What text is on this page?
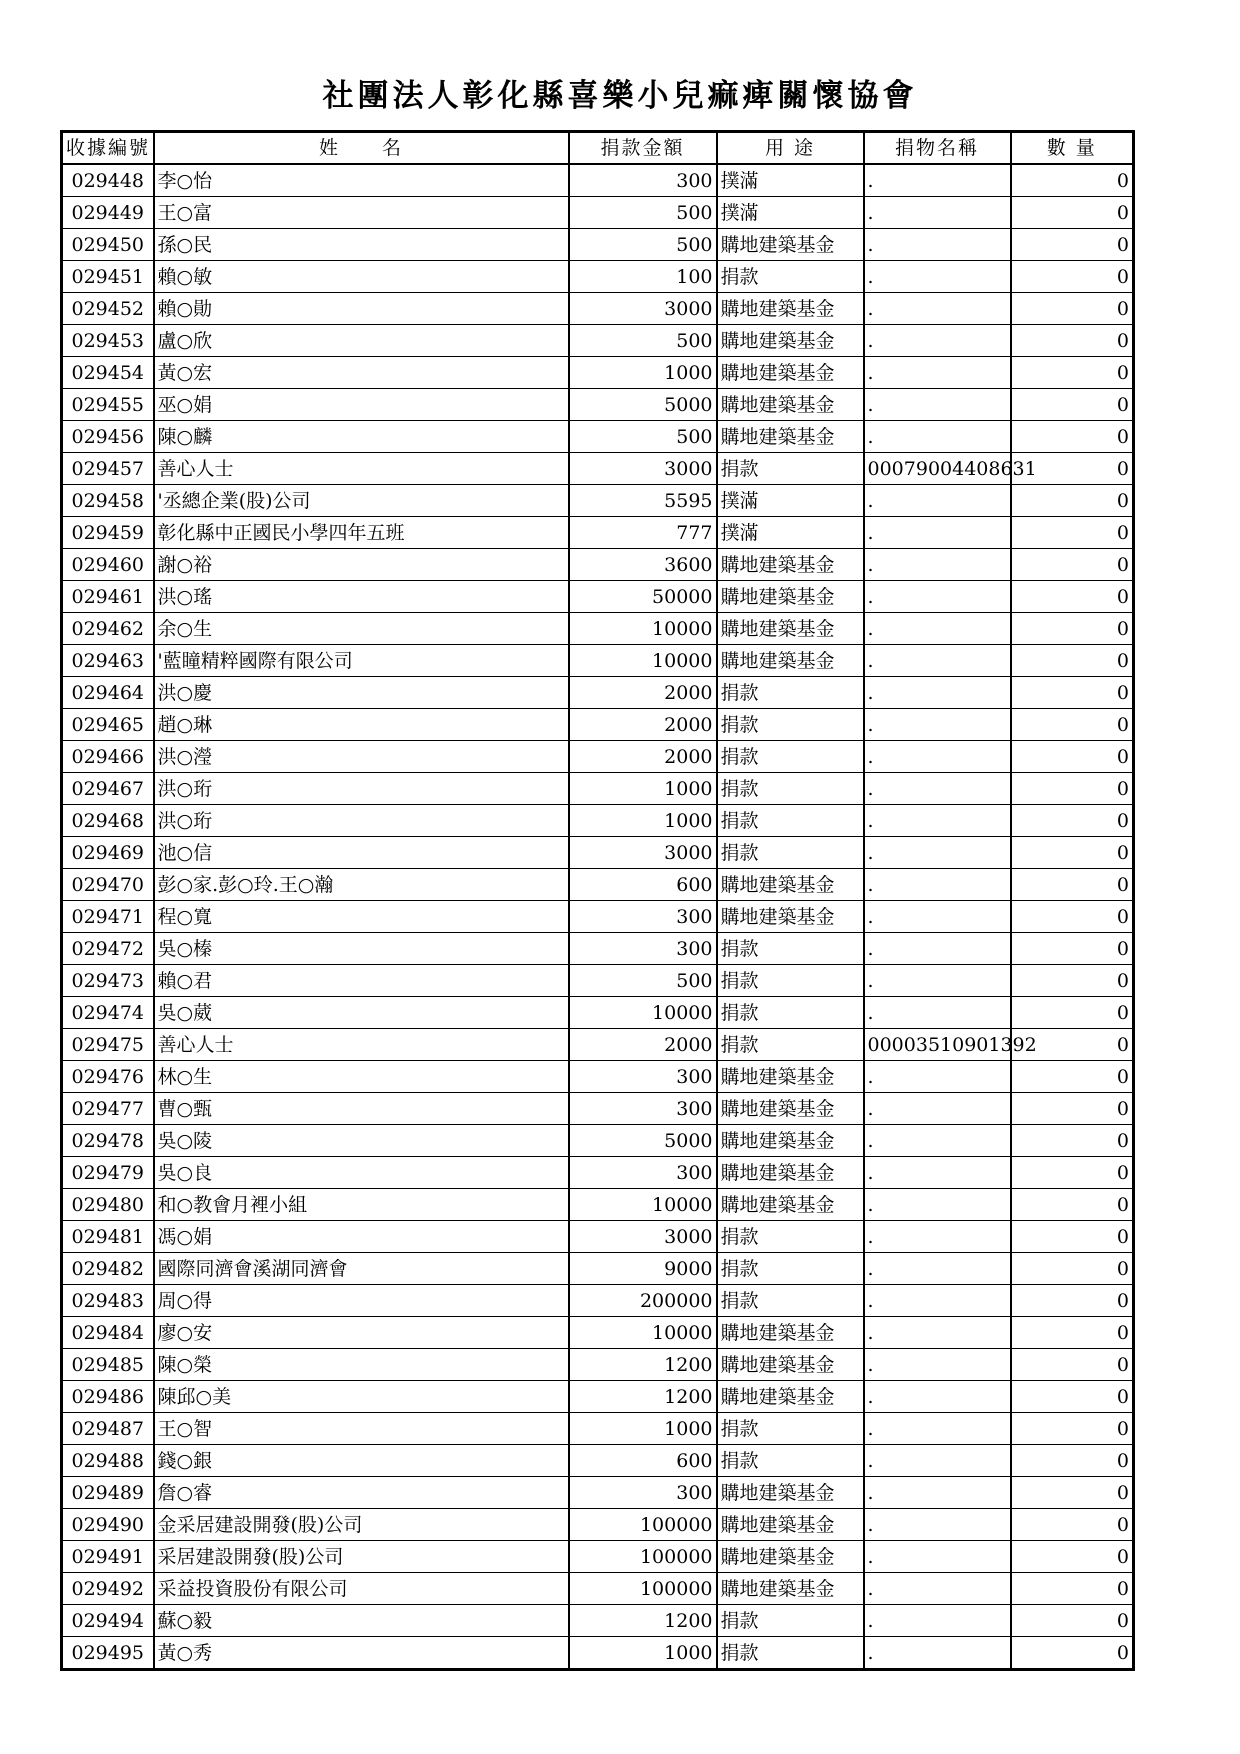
社團法人彰化縣喜樂小兒痲痺關懷協會
收據編號	姓　　名	捐款金額	用 途	捐物名稱	數 量
029448	李○怡	300	撲滿	.	0
029449	王○富	500	撲滿	.	0
029450	孫○民	500	購地建築基金	.	0
029451	賴○敏	100	捐款	.	0
029452	賴○勛	3000	購地建築基金	.	0
029453	盧○欣	500	購地建築基金	.	0
029454	黃○宏	1000	購地建築基金	.	0
029455	巫○娟	5000	購地建築基金	.	0
029456	陳○麟	500	購地建築基金	.	0
029457	善心人士	3000	捐款	00079004408631	0
029458	'丞總企業(股)公司	5595	撲滿	.	0
029459	彰化縣中正國民小學四年五班	777	撲滿	.	0
029460	謝○裕	3600	購地建築基金	.	0
029461	洪○瑤	50000	購地建築基金	.	0
029462	余○生	10000	購地建築基金	.	0
029463	'藍瞳精粹國際有限公司	10000	購地建築基金	.	0
029464	洪○慶	2000	捐款	.	0
029465	趙○琳	2000	捐款	.	0
029466	洪○瀅	2000	捐款	.	0
029467	洪○珩	1000	捐款	.	0
029468	洪○珩	1000	捐款	.	0
029469	池○信	3000	捐款	.	0
029470	彭○家.彭○玲.王○瀚	600	購地建築基金	.	0
029471	程○寬	300	購地建築基金	.	0
029472	吳○榛	300	捐款	.	0
029473	賴○君	500	捐款	.	0
029474	吳○葳	10000	捐款	.	0
029475	善心人士	2000	捐款	00003510901392	0
029476	林○生	300	購地建築基金	.	0
029477	曹○甄	300	購地建築基金	.	0
029478	吳○陵	5000	購地建築基金	.	0
029479	吳○良	300	購地建築基金	.	0
029480	和○教會月裡小組	10000	購地建築基金	.	0
029481	馮○娟	3000	捐款	.	0
029482	國際同濟會溪湖同濟會	9000	捐款	.	0
029483	周○得	200000	捐款	.	0
029484	廖○安	10000	購地建築基金	.	0
029485	陳○榮	1200	購地建築基金	.	0
029486	陳邱○美	1200	購地建築基金	.	0
029487	王○智	1000	捐款	.	0
029488	錢○銀	600	捐款	.	0
029489	詹○睿	300	購地建築基金	.	0
029490	金采居建設開發(股)公司	100000	購地建築基金	.	0
029491	采居建設開發(股)公司	100000	購地建築基金	.	0
029492	采益投資股份有限公司	100000	購地建築基金	.	0
029494	蘇○毅	1200	捐款	.	0
029495	黃○秀	1000	捐款	.	0
